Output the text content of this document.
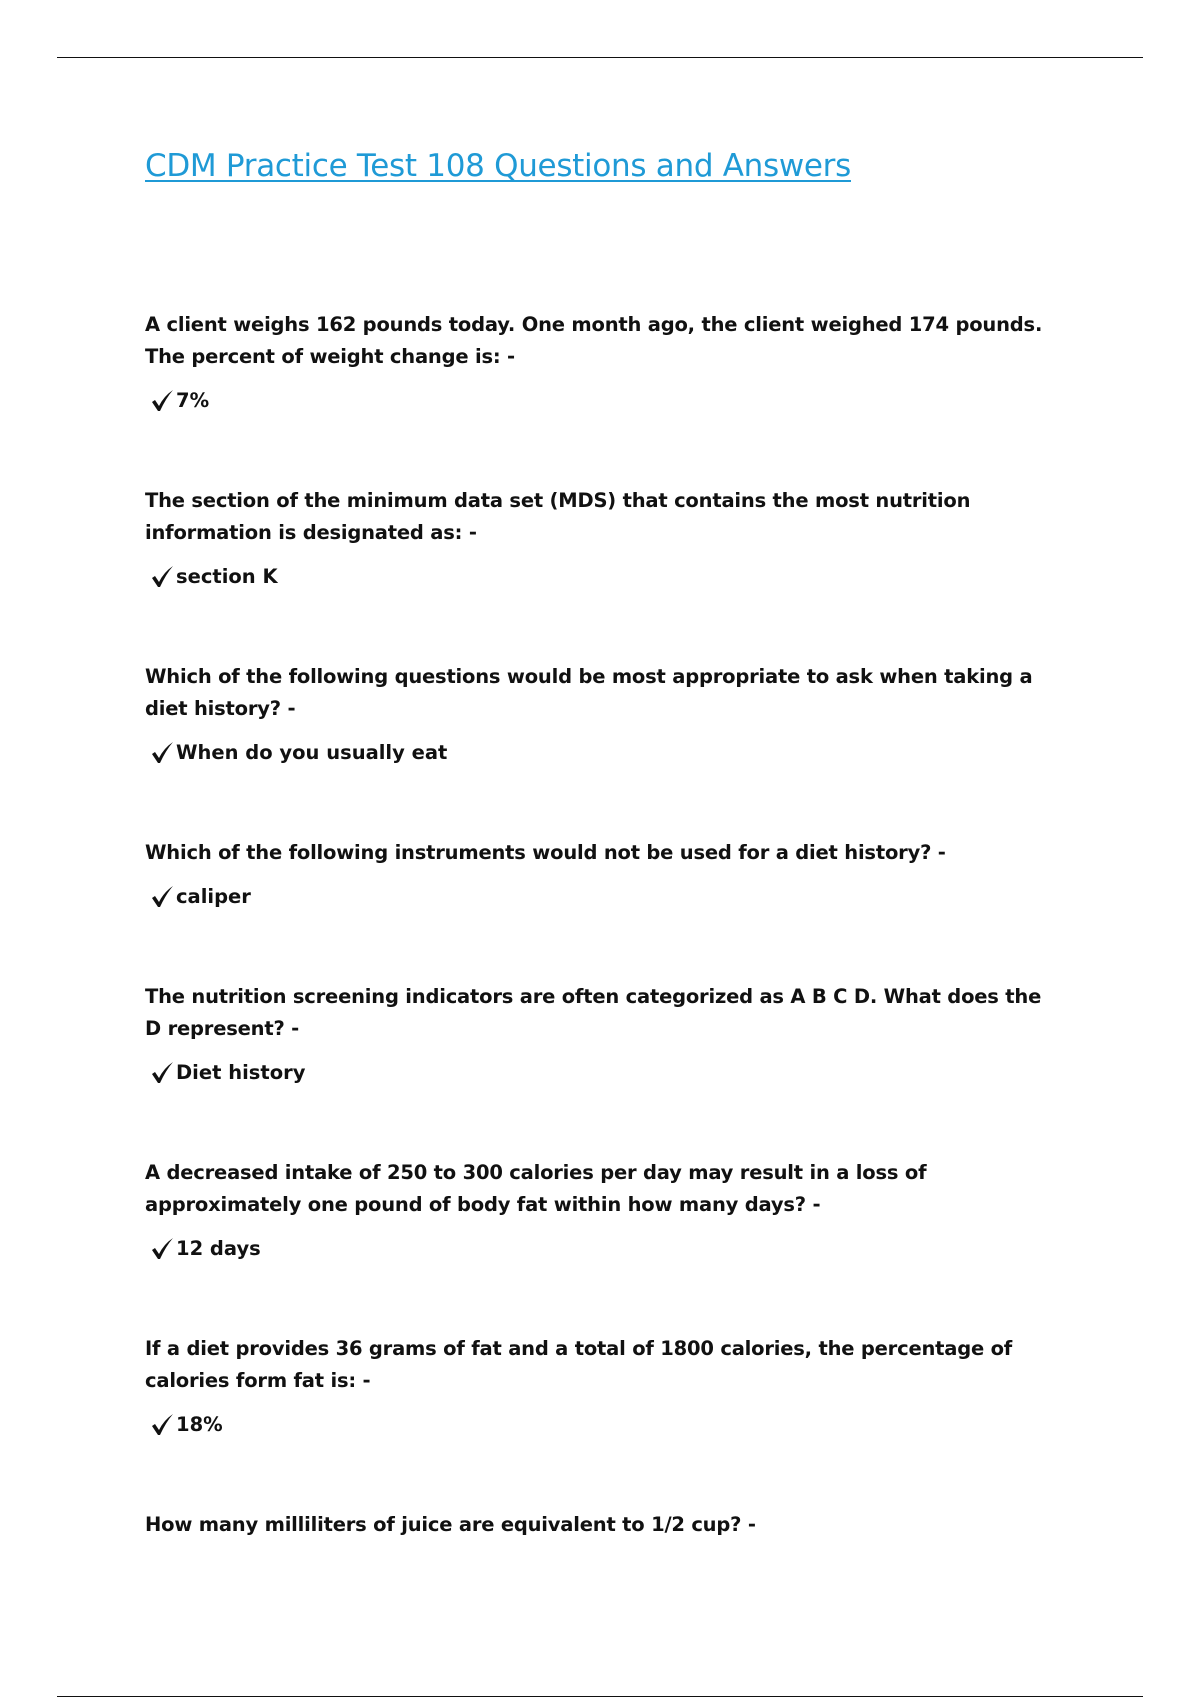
CDM Practice Test 108 Questions and Answers

A client weighs 162 pounds today. One month ago, the client weighed 174 pounds. The percent of weight change is: -

7%

The section of the minimum data set (MDS) that contains the most nutrition information is designated as: -

section K

Which of the following questions would be most appropriate to ask when taking a diet history? -

When do you usually eat

Which of the following instruments would not be used for a diet history? -

caliper

The nutrition screening indicators are often categorized as A B C D. What does the D represent? -

Diet history

A decreased intake of 250 to 300 calories per day may result in a loss of approximately one pound of body fat within how many days? -

12 days

If a diet provides 36 grams of fat and a total of 1800 calories, the percentage of calories form fat is: -

18%

How many milliliters of juice are equivalent to 1/2 cup? -
